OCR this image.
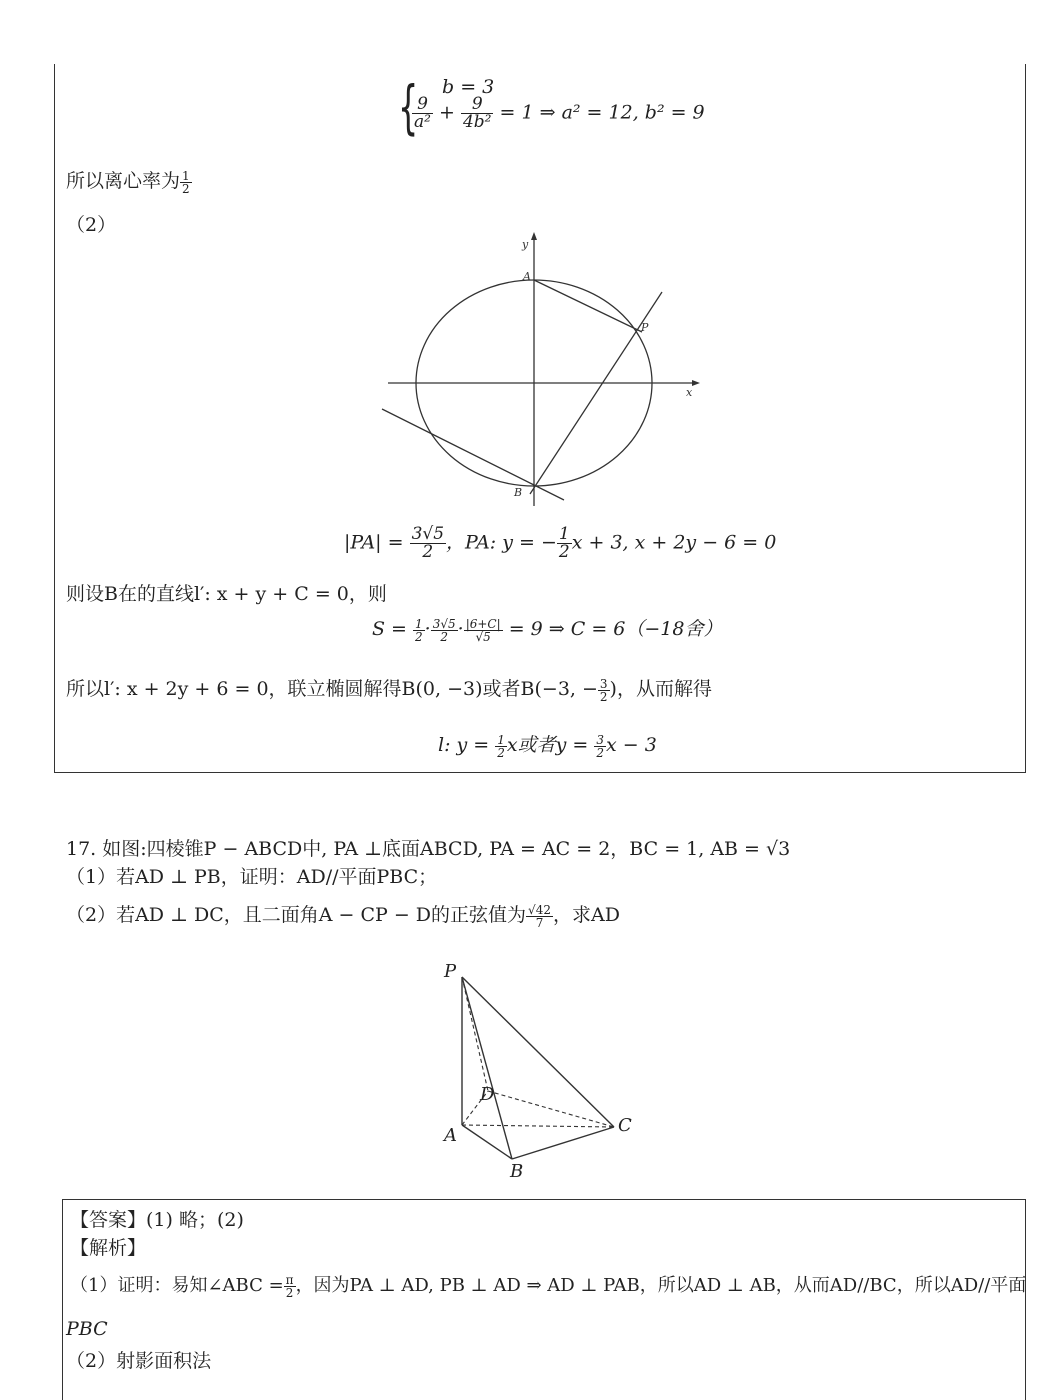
{ b = 3
$\frac{9}{\text{a²}} + \frac{9}{\text{4b²}} = 1$ ⇒ a² = 12, b² = 9
所以离心率为 $\frac{1}{2}$
（2）
y
x
A
P
B
$|PA| = \frac{3√5}{2}$ ，PA: y = − $\frac{1}{2}$ x + 3, x + 2y − 6 = 0
则设B在的直线l′: x + y + C = 0，则
$S = \frac{1}{2} \cdot \frac{3√5}{2} \cdot \frac{|6+C|}{√5} = 9$ ⇒ C = 6（−18舍）
所以l′: x + 2y + 6 = 0，联立椭圆解得B(0, −3)或者B(−3, − $\frac{3}{2}$ )，从而解得
l: $y = \frac{1}{2}$ x或者$y = \frac{3}{2}$ x − 3
17. 如图:四棱锥P − ABCD中, PA ⊥底面ABCD, PA = AC = 2，BC = 1, AB = √3
（1）若AD ⊥ PB，证明：AD//平面PBC；
（2）若AD ⊥ DC，且二面角A − CP − D的正弦值为 $\frac{√42}{7}$ ，求AD
P
D
A
B
C
【答案】(1) 略；(2)
【解析】
（1）证明：易知∠ABC = $\frac{\pi}{2}$ ，因为PA ⊥ AD, PB ⊥ AD ⇒ AD ⊥ PAB，所以AD ⊥ AB，从而AD//BC，所以AD//平面
PBC
（2）射影面积法
